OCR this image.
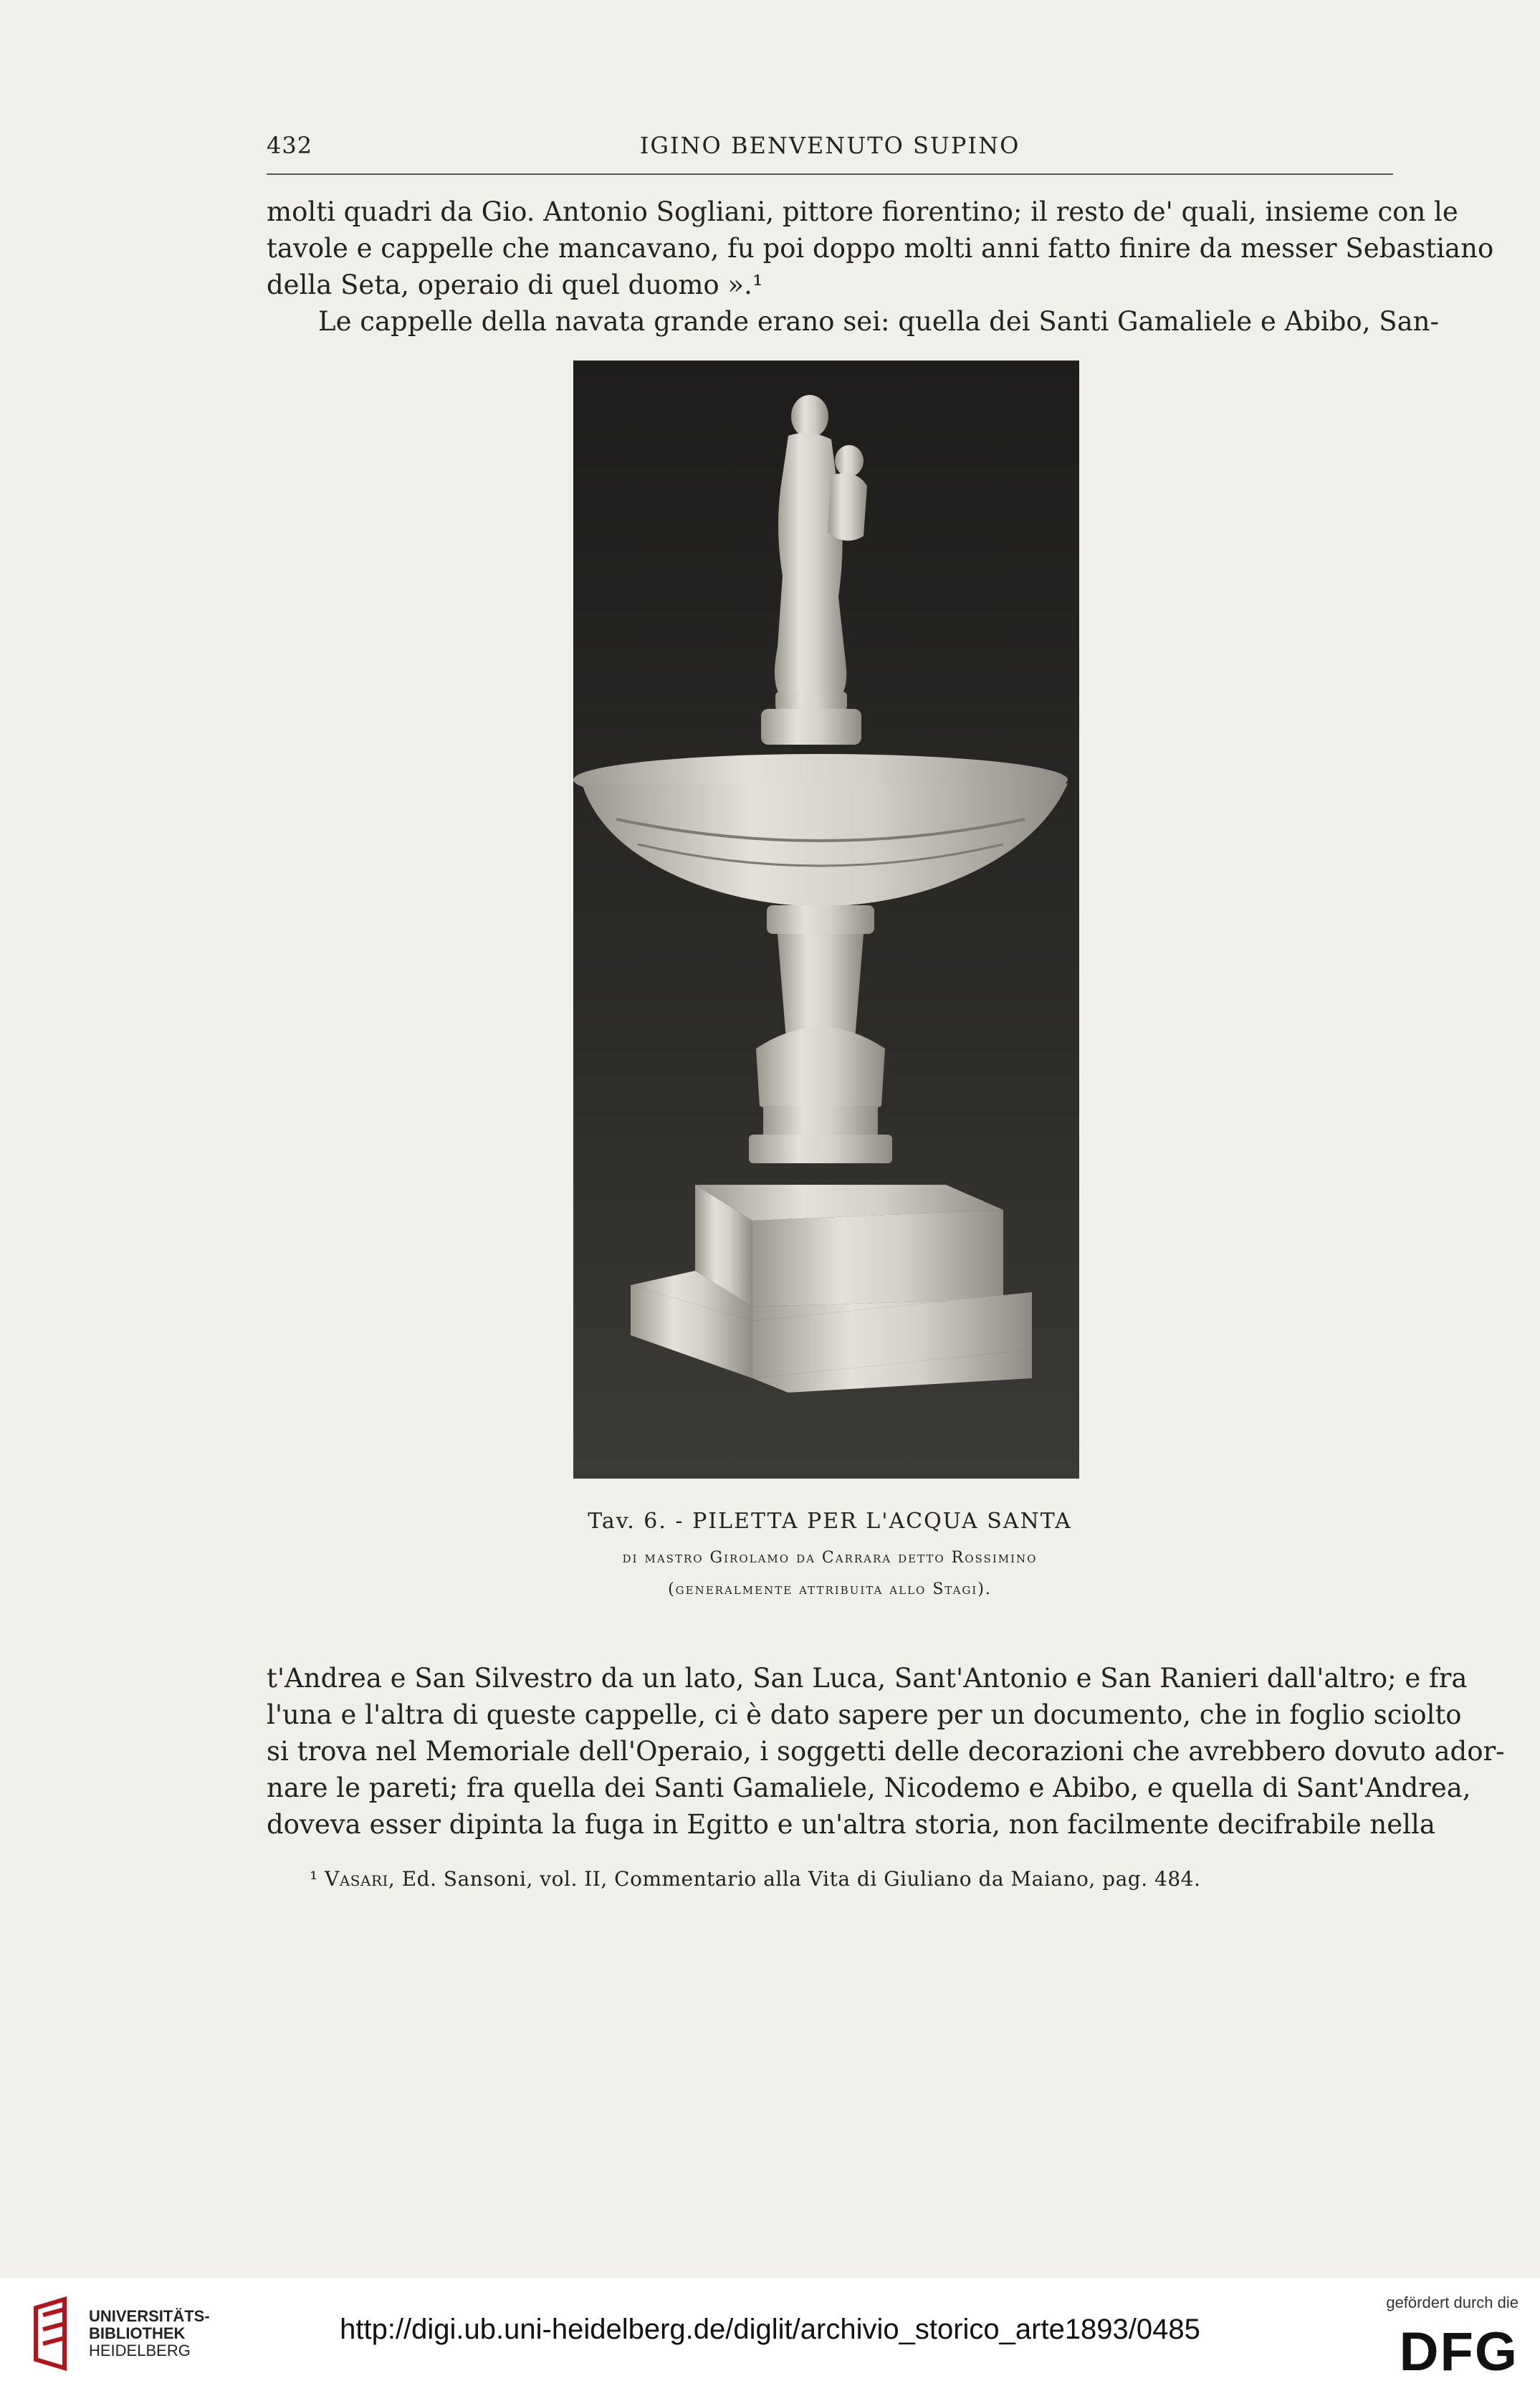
432	IGINO BENVENUTO SUPINO
molti quadri da Gio. Antonio Sogliani, pittore fiorentino; il resto de' quali, insieme con le
tavole e cappelle che mancavano, fu poi doppo molti anni fatto finire da messer Sebastiano
della Seta, operaio di quel duomo ».¹
Le cappelle della navata grande erano sei: quella dei Santi Gamaliele e Abibo, San-
Tav. 6. - PILETTA PER L'ACQUA SANTA
di mastro Girolamo da Carrara detto Rossimino
(generalmente attribuita allo Stagi).
t'Andrea e San Silvestro da un lato, San Luca, Sant'Antonio e San Ranieri dall'altro; e fra
l'una e l'altra di queste cappelle, ci è dato sapere per un documento, che in foglio sciolto
si trova nel Memoriale dell'Operaio, i soggetti delle decorazioni che avrebbero dovuto ador-
nare le pareti; fra quella dei Santi Gamaliele, Nicodemo e Abibo, e quella di Sant'Andrea,
doveva esser dipinta la fuga in Egitto e un'altra storia, non facilmente decifrabile nella
¹ Vasari, Ed. Sansoni, vol. II, Commentario alla Vita di Giuliano da Maiano, pag. 484.
UNIVERSITÄTS-
BIBLIOTHEK
HEIDELBERG
http://digi.ub.uni-heidelberg.de/diglit/archivio_storico_arte1893/0485
gefördert durch die
DFG
